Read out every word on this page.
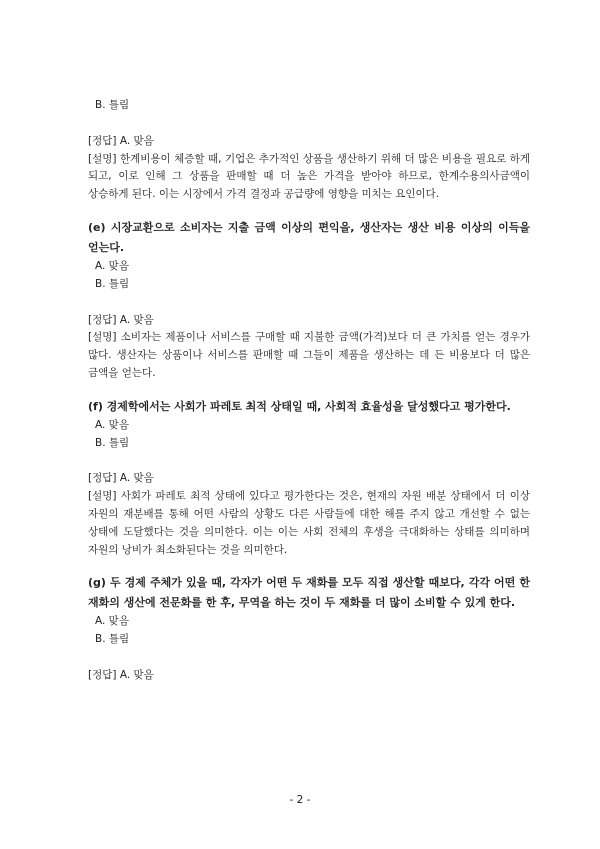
B. 틀림
[정답] A. 맞음
[설명] 한계비용이 체증할 때, 기업은 추가적인 상품을 생산하기 위해 더 많은 비용을 필요로 하게 되고, 이로 인해 그 상품을 판매할 때 더 높은 가격을 받아야 하므로, 한계수용의사금액이 상승하게 된다. 이는 시장에서 가격 결정과 공급량에 영향을 미치는 요인이다.
(e) 시장교환으로 소비자는 지출 금액 이상의 편익을, 생산자는 생산 비용 이상의 이득을 얻는다.
A. 맞음
B. 틀림
[정답] A. 맞음
[설명] 소비자는 제품이나 서비스를 구매할 때 지불한 금액(가격)보다 더 큰 가치를 얻는 경우가 많다. 생산자는 상품이나 서비스를 판매할 때 그들이 제품을 생산하는 데 든 비용보다 더 많은 금액을 얻는다.
(f) 경제학에서는 사회가 파레토 최적 상태일 때, 사회적 효율성을 달성했다고 평가한다.
A. 맞음
B. 틀림
[정답] A. 맞음
[설명] 사회가 파레토 최적 상태에 있다고 평가한다는 것은, 현재의 자원 배분 상태에서 더 이상 자원의 재분배를 통해 어떤 사람의 상황도 다른 사람들에 대한 해를 주지 않고 개선할 수 없는 상태에 도달했다는 것을 의미한다. 이는 이는 사회 전체의 후생을 극대화하는 상태를 의미하며 자원의 낭비가 최소화된다는 것을 의미한다.
(g) 두 경제 주체가 있을 때, 각자가 어떤 두 재화를 모두 직접 생산할 때보다, 각각 어떤 한 재화의 생산에 전문화를 한 후, 무역을 하는 것이 두 재화를 더 많이 소비할 수 있게 한다.
A. 맞음
B. 틀림
[정답] A. 맞음
- 2 -
